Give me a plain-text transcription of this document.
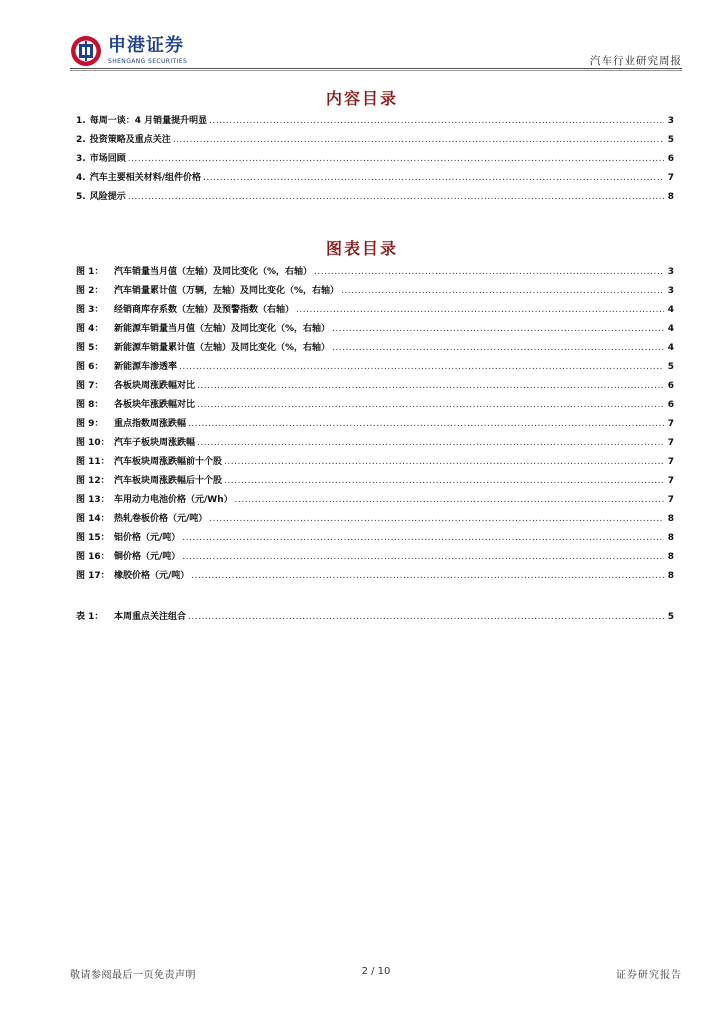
申港证券
SHENGANG SECURITIES	汽车行业研究周报
内容目录
1. 每周一谈：4 月销量提升明显 .....	3
2. 投资策略及重点关注 .....	5
3. 市场回顾 .....	6
4. 汽车主要相关材料/组件价格 .....	7
5. 风险提示 .....	8
图表目录
图 1：	汽车销量当月值（左轴）及同比变化（%，右轴） .....	3
图 2：	汽车销量累计值（万辆，左轴）及同比变化（%，右轴） .....	3
图 3：	经销商库存系数（左轴）及预警指数（右轴） .....	4
图 4：	新能源车销量当月值（左轴）及同比变化（%，右轴） .....	4
图 5：	新能源车销量累计值（左轴）及同比变化（%，右轴） .....	4
图 6：	新能源车渗透率 .....	5
图 7：	各板块周涨跌幅对比 .....	6
图 8：	各板块年涨跌幅对比 .....	6
图 9：	重点指数周涨跌幅 .....	7
图 10： 汽车子板块周涨跌幅 .....	7
图 11： 汽车板块周涨跌幅前十个股 .....	7
图 12： 汽车板块周涨跌幅后十个股 .....	7
图 13： 车用动力电池价格（元/Wh） .....	7
图 14： 热轧卷板价格（元/吨） .....	8
图 15： 铝价格（元/吨） .....	8
图 16： 铜价格（元/吨） .....	8
图 17： 橡胶价格（元/吨） .....	8
表 1：	本周重点关注组合 .....	5
敬请参阅最后一页免责声明	2 / 10	证券研究报告
